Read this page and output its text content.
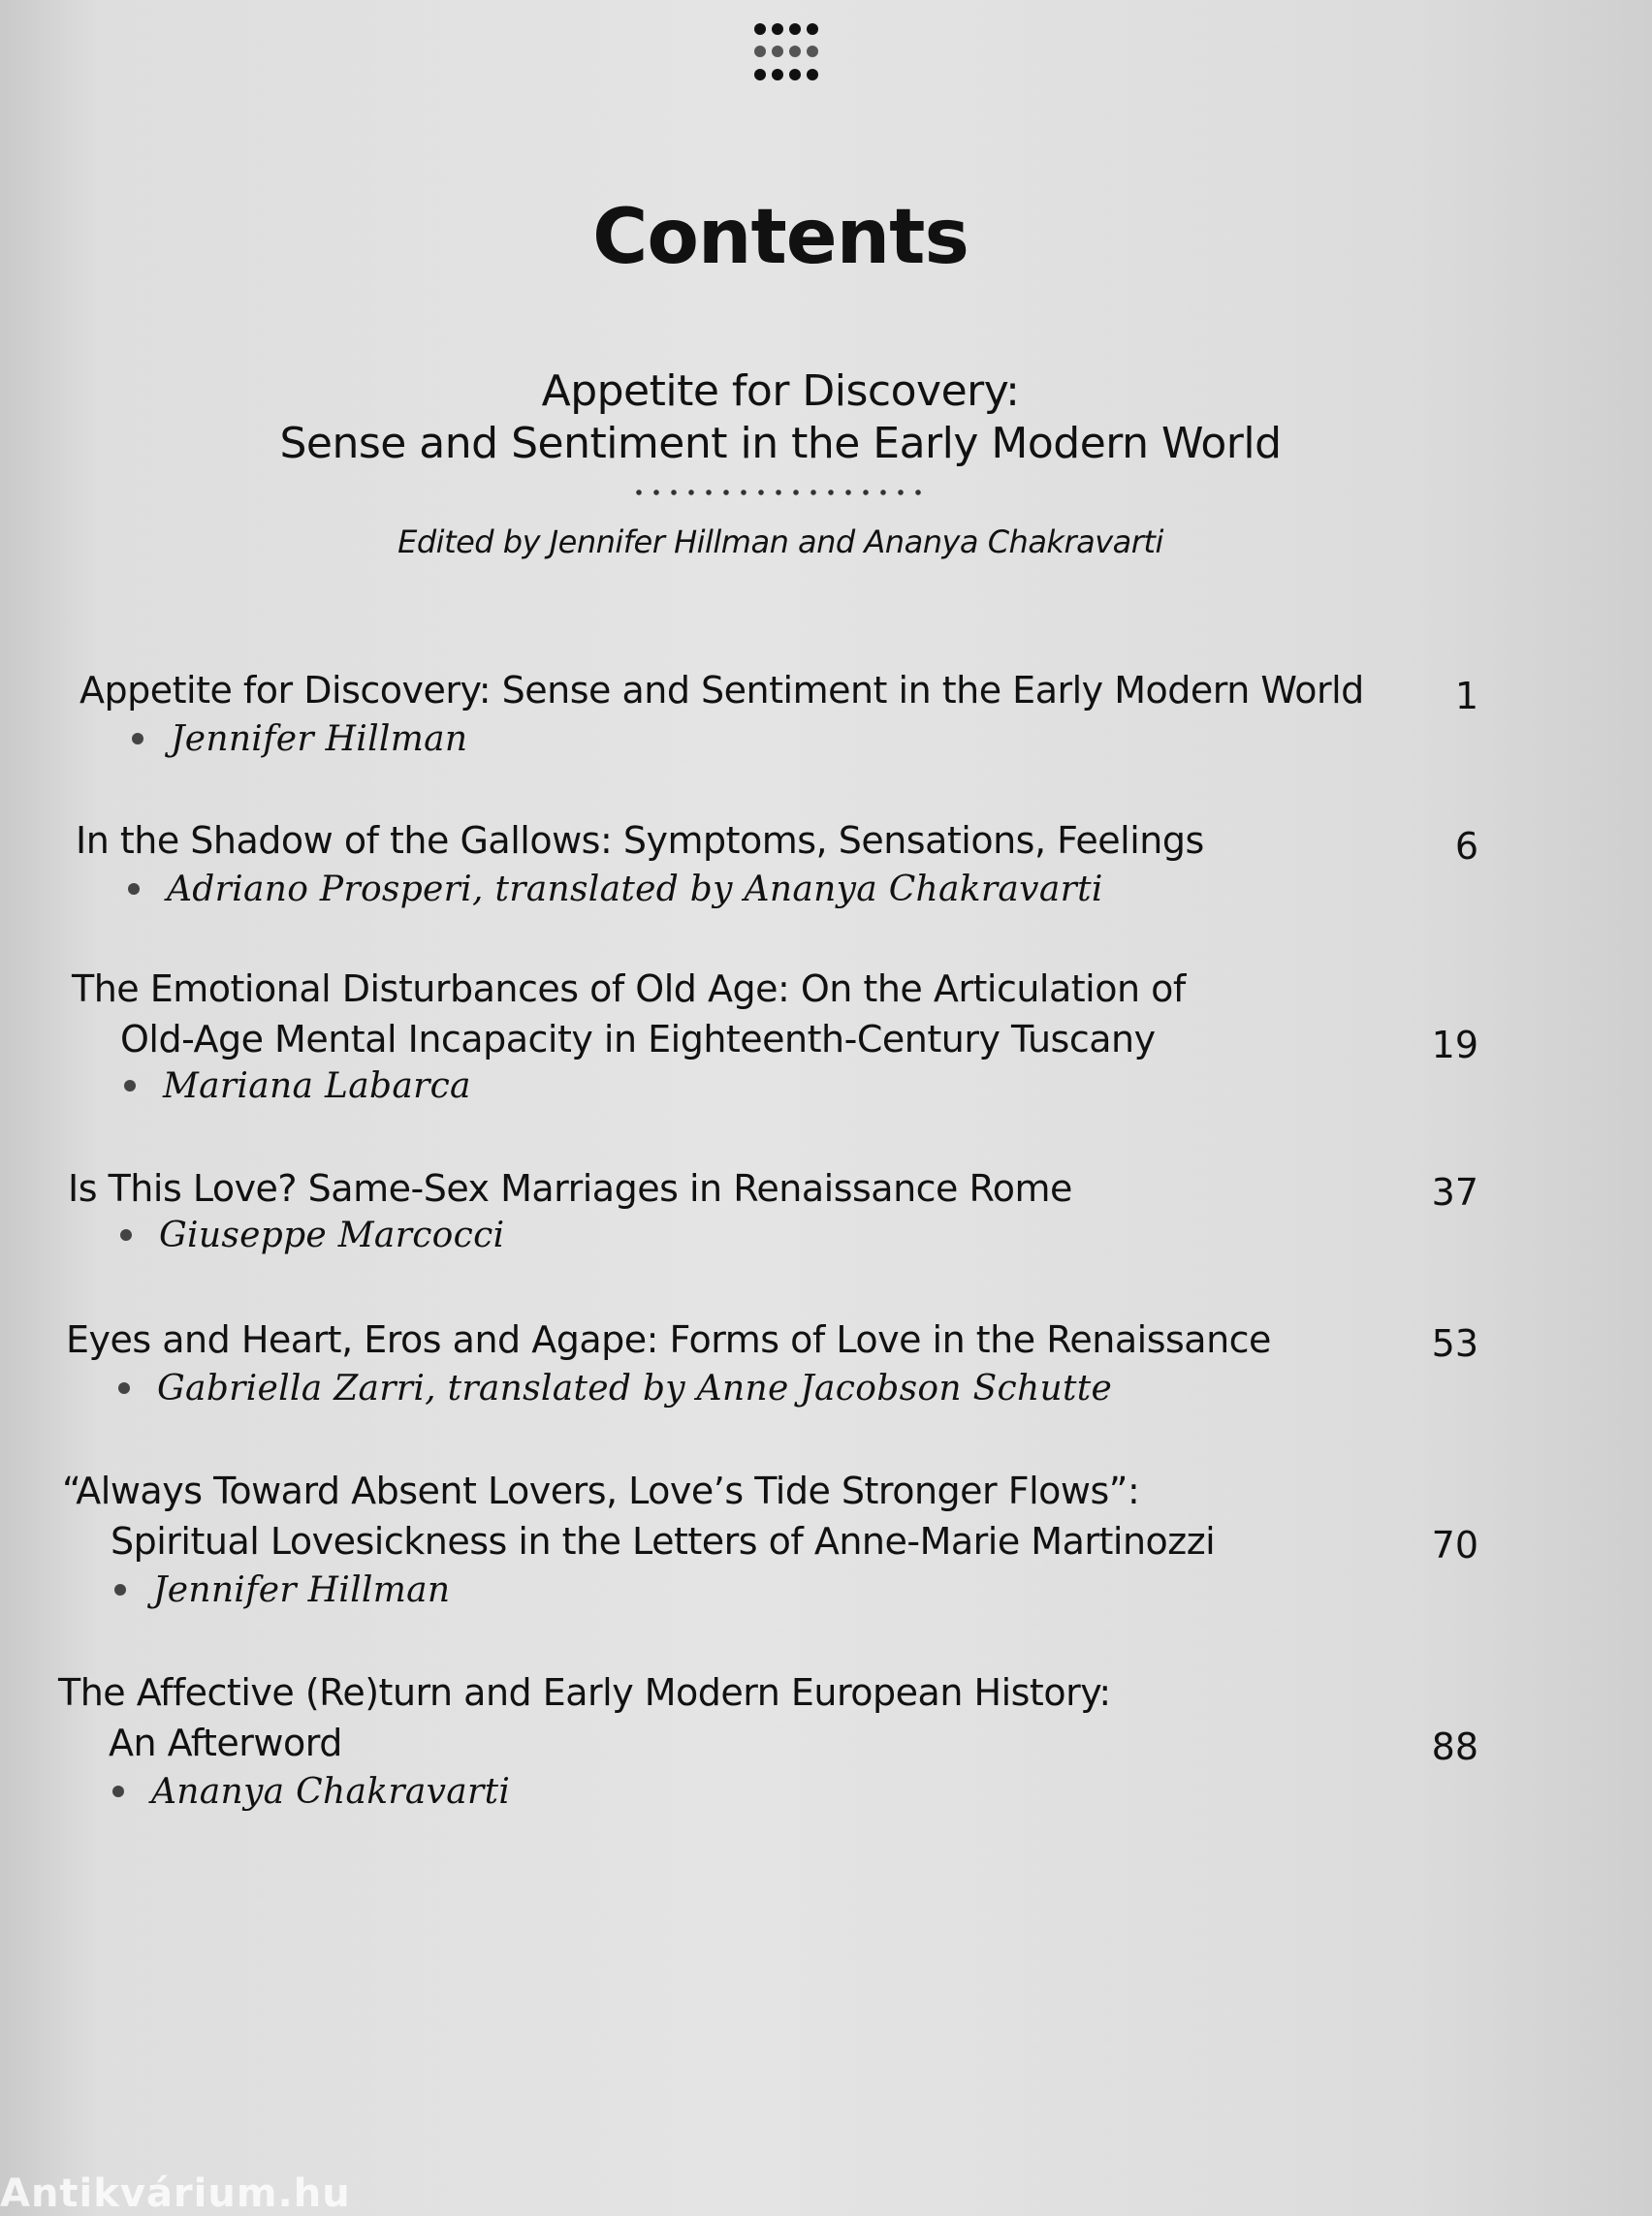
Contents
Appetite for Discovery:
Sense and Sentiment in the Early Modern World
Edited by Jennifer Hillman and Ananya Chakravarti
Appetite for Discovery: Sense and Sentiment in the Early Modern World	1
Jennifer Hillman
In the Shadow of the Gallows: Symptoms, Sensations, Feelings	6
Adriano Prosperi, translated by Ananya Chakravarti
The Emotional Disturbances of Old Age: On the Articulation of
Old-Age Mental Incapacity in Eighteenth-Century Tuscany	19
Mariana Labarca
Is This Love? Same-Sex Marriages in Renaissance Rome	37
Giuseppe Marcocci
Eyes and Heart, Eros and Agape: Forms of Love in the Renaissance	53
Gabriella Zarri, translated by Anne Jacobson Schutte
“Always Toward Absent Lovers, Love’s Tide Stronger Flows”:
Spiritual Lovesickness in the Letters of Anne-Marie Martinozzi	70
Jennifer Hillman
The Affective (Re)turn and Early Modern European History:
An Afterword	88
Ananya Chakravarti
Antikvárium.hu
